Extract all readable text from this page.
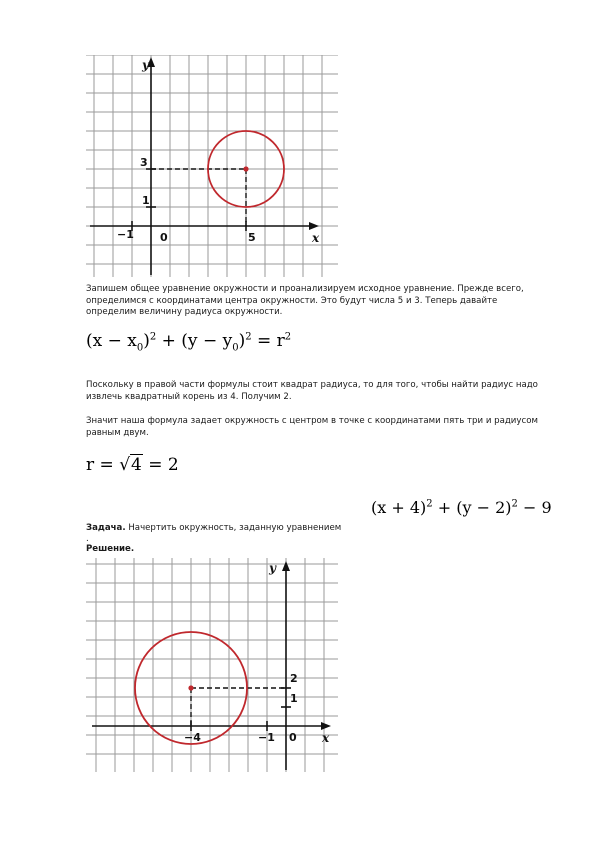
y
x
3
1
−1 0	5
Запишем общее уравнение окружности и проанализируем исходное уравнение. Прежде всего, определимся с координатами центра окружности. Это будут числа 5 и 3. Теперь давайте определим величину радиуса окружности.
$(x - x_0)^2 + (y - y_0)^2 = r^2$
Поскольку в правой части формулы стоит квадрат радиуса, то для того, чтобы найти радиус надо извлечь квадратный корень из 4. Получим 2.
Значит наша формула задает окружность с центром в точке с координатами пять три и радиусом равным двум.
r = √4 = 2
$(x + 4)^2 + (y - 2)^2 - 9$
Задача. Начертить окружность, заданную уравнением
.
Решение.
y
x
2
1
−4	−1 0
